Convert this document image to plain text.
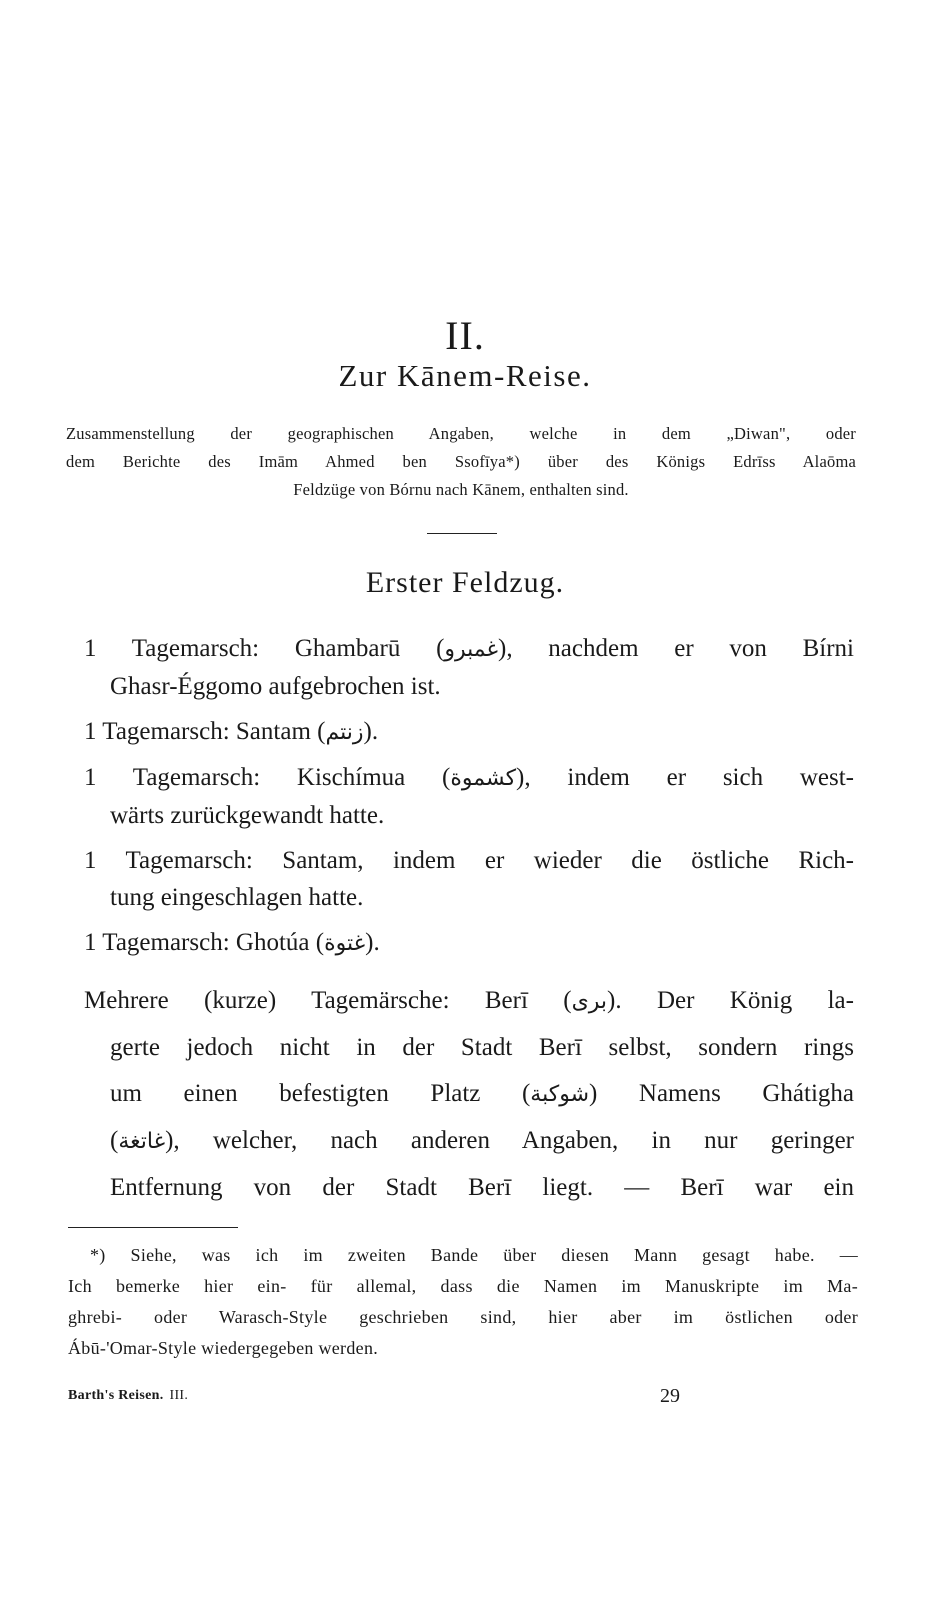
II.
Zur Kānem-Reise.
Zusammenstellung der geographischen Angaben, welche in dem „Diwan", oder
dem Berichte des Imām Ahmed ben Ssofīya*) über des Königs Edrīss Alaōma
Feldzüge von Bórnu nach Kānem, enthalten sind.
Erster Feldzug.
1 Tagemarsch: Ghambarū (غمبرو), nachdem er von Bírni
Ghasr-Éggomo aufgebrochen ist.
1 Tagemarsch: Santam (زنتم).
1 Tagemarsch: Kischímua (كشموة), indem er sich west-
wärts zurückgewandt hatte.
1 Tagemarsch: Santam, indem er wieder die östliche Rich-
tung eingeschlagen hatte.
1 Tagemarsch: Ghotúa (غتوة).
Mehrere (kurze) Tagemärsche: Berī (برى). Der König la-
gerte jedoch nicht in der Stadt Berī selbst, sondern rings
um einen befestigten Platz (شوكبة) Namens Ghátigha
(غاتغة), welcher, nach anderen Angaben, in nur geringer
Entfernung von der Stadt Berī liegt. — Berī war ein
*) Siehe, was ich im zweiten Bande über diesen Mann gesagt habe. —
Ich bemerke hier ein- für allemal, dass die Namen im Manuskripte im Ma-
ghrebi- oder Warasch-Style geschrieben sind, hier aber im östlichen oder
Ábū-'Omar-Style wiedergegeben werden.
Barth's Reisen. III.	29
